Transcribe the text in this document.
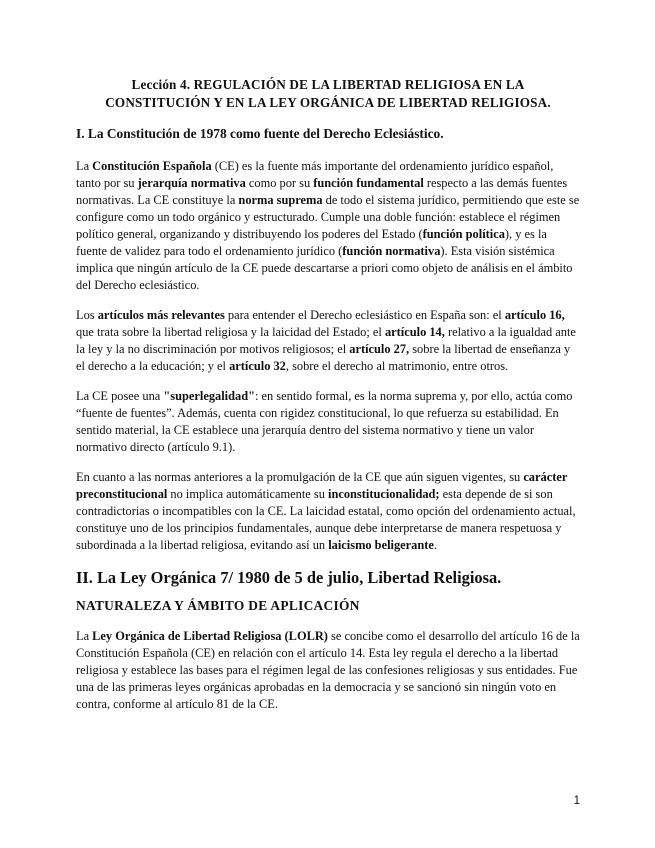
Lección 4. REGULACIÓN DE LA LIBERTAD RELIGIOSA EN LA
CONSTITUCIÓN Y EN LA LEY ORGÁNICA DE LIBERTAD RELIGIOSA.
I. La Constitución de 1978 como fuente del Derecho Eclesiástico.

La Constitución Española (CE) es la fuente más importante del ordenamiento jurídico español, tanto por su jerarquía normativa como por su función fundamental respecto a las demás fuentes normativas. La CE constituye la norma suprema de todo el sistema jurídico, permitiendo que este se configure como un todo orgánico y estructurado. Cumple una doble función: establece el régimen político general, organizando y distribuyendo los poderes del Estado (función política), y es la fuente de validez para todo el ordenamiento jurídico (función normativa). Esta visión sistémica implica que ningún artículo de la CE puede descartarse a priori como objeto de análisis en el ámbito del Derecho eclesiástico.

Los artículos más relevantes para entender el Derecho eclesiástico en España son: el artículo 16, que trata sobre la libertad religiosa y la laicidad del Estado; el artículo 14, relativo a la igualdad ante la ley y la no discriminación por motivos religiosos; el artículo 27, sobre la libertad de enseñanza y el derecho a la educación; y el artículo 32, sobre el derecho al matrimonio, entre otros.

La CE posee una "superlegalidad": en sentido formal, es la norma suprema y, por ello, actúa como “fuente de fuentes”. Además, cuenta con rigidez constitucional, lo que refuerza su estabilidad. En sentido material, la CE establece una jerarquía dentro del sistema normativo y tiene un valor normativo directo (artículo 9.1).

En cuanto a las normas anteriores a la promulgación de la CE que aún siguen vigentes, su carácter preconstitucional no implica automáticamente su inconstitucionalidad; esta depende de si son contradictorias o incompatibles con la CE. La laicidad estatal, como opción del ordenamiento actual, constituye uno de los principios fundamentales, aunque debe interpretarse de manera respetuosa y subordinada a la libertad religiosa, evitando así un laicismo beligerante.

II. La Ley Orgánica 7/ 1980 de 5 de julio, Libertad Religiosa.
NATURALEZA Y ÁMBITO DE APLICACIÓN

La Ley Orgánica de Libertad Religiosa (LOLR) se concibe como el desarrollo del artículo 16 de la Constitución Española (CE) en relación con el artículo 14. Esta ley regula el derecho a la libertad religiosa y establece las bases para el régimen legal de las confesiones religiosas y sus entidades. Fue una de las primeras leyes orgánicas aprobadas en la democracia y se sancionó sin ningún voto en contra, conforme al artículo 81 de la CE.

1
